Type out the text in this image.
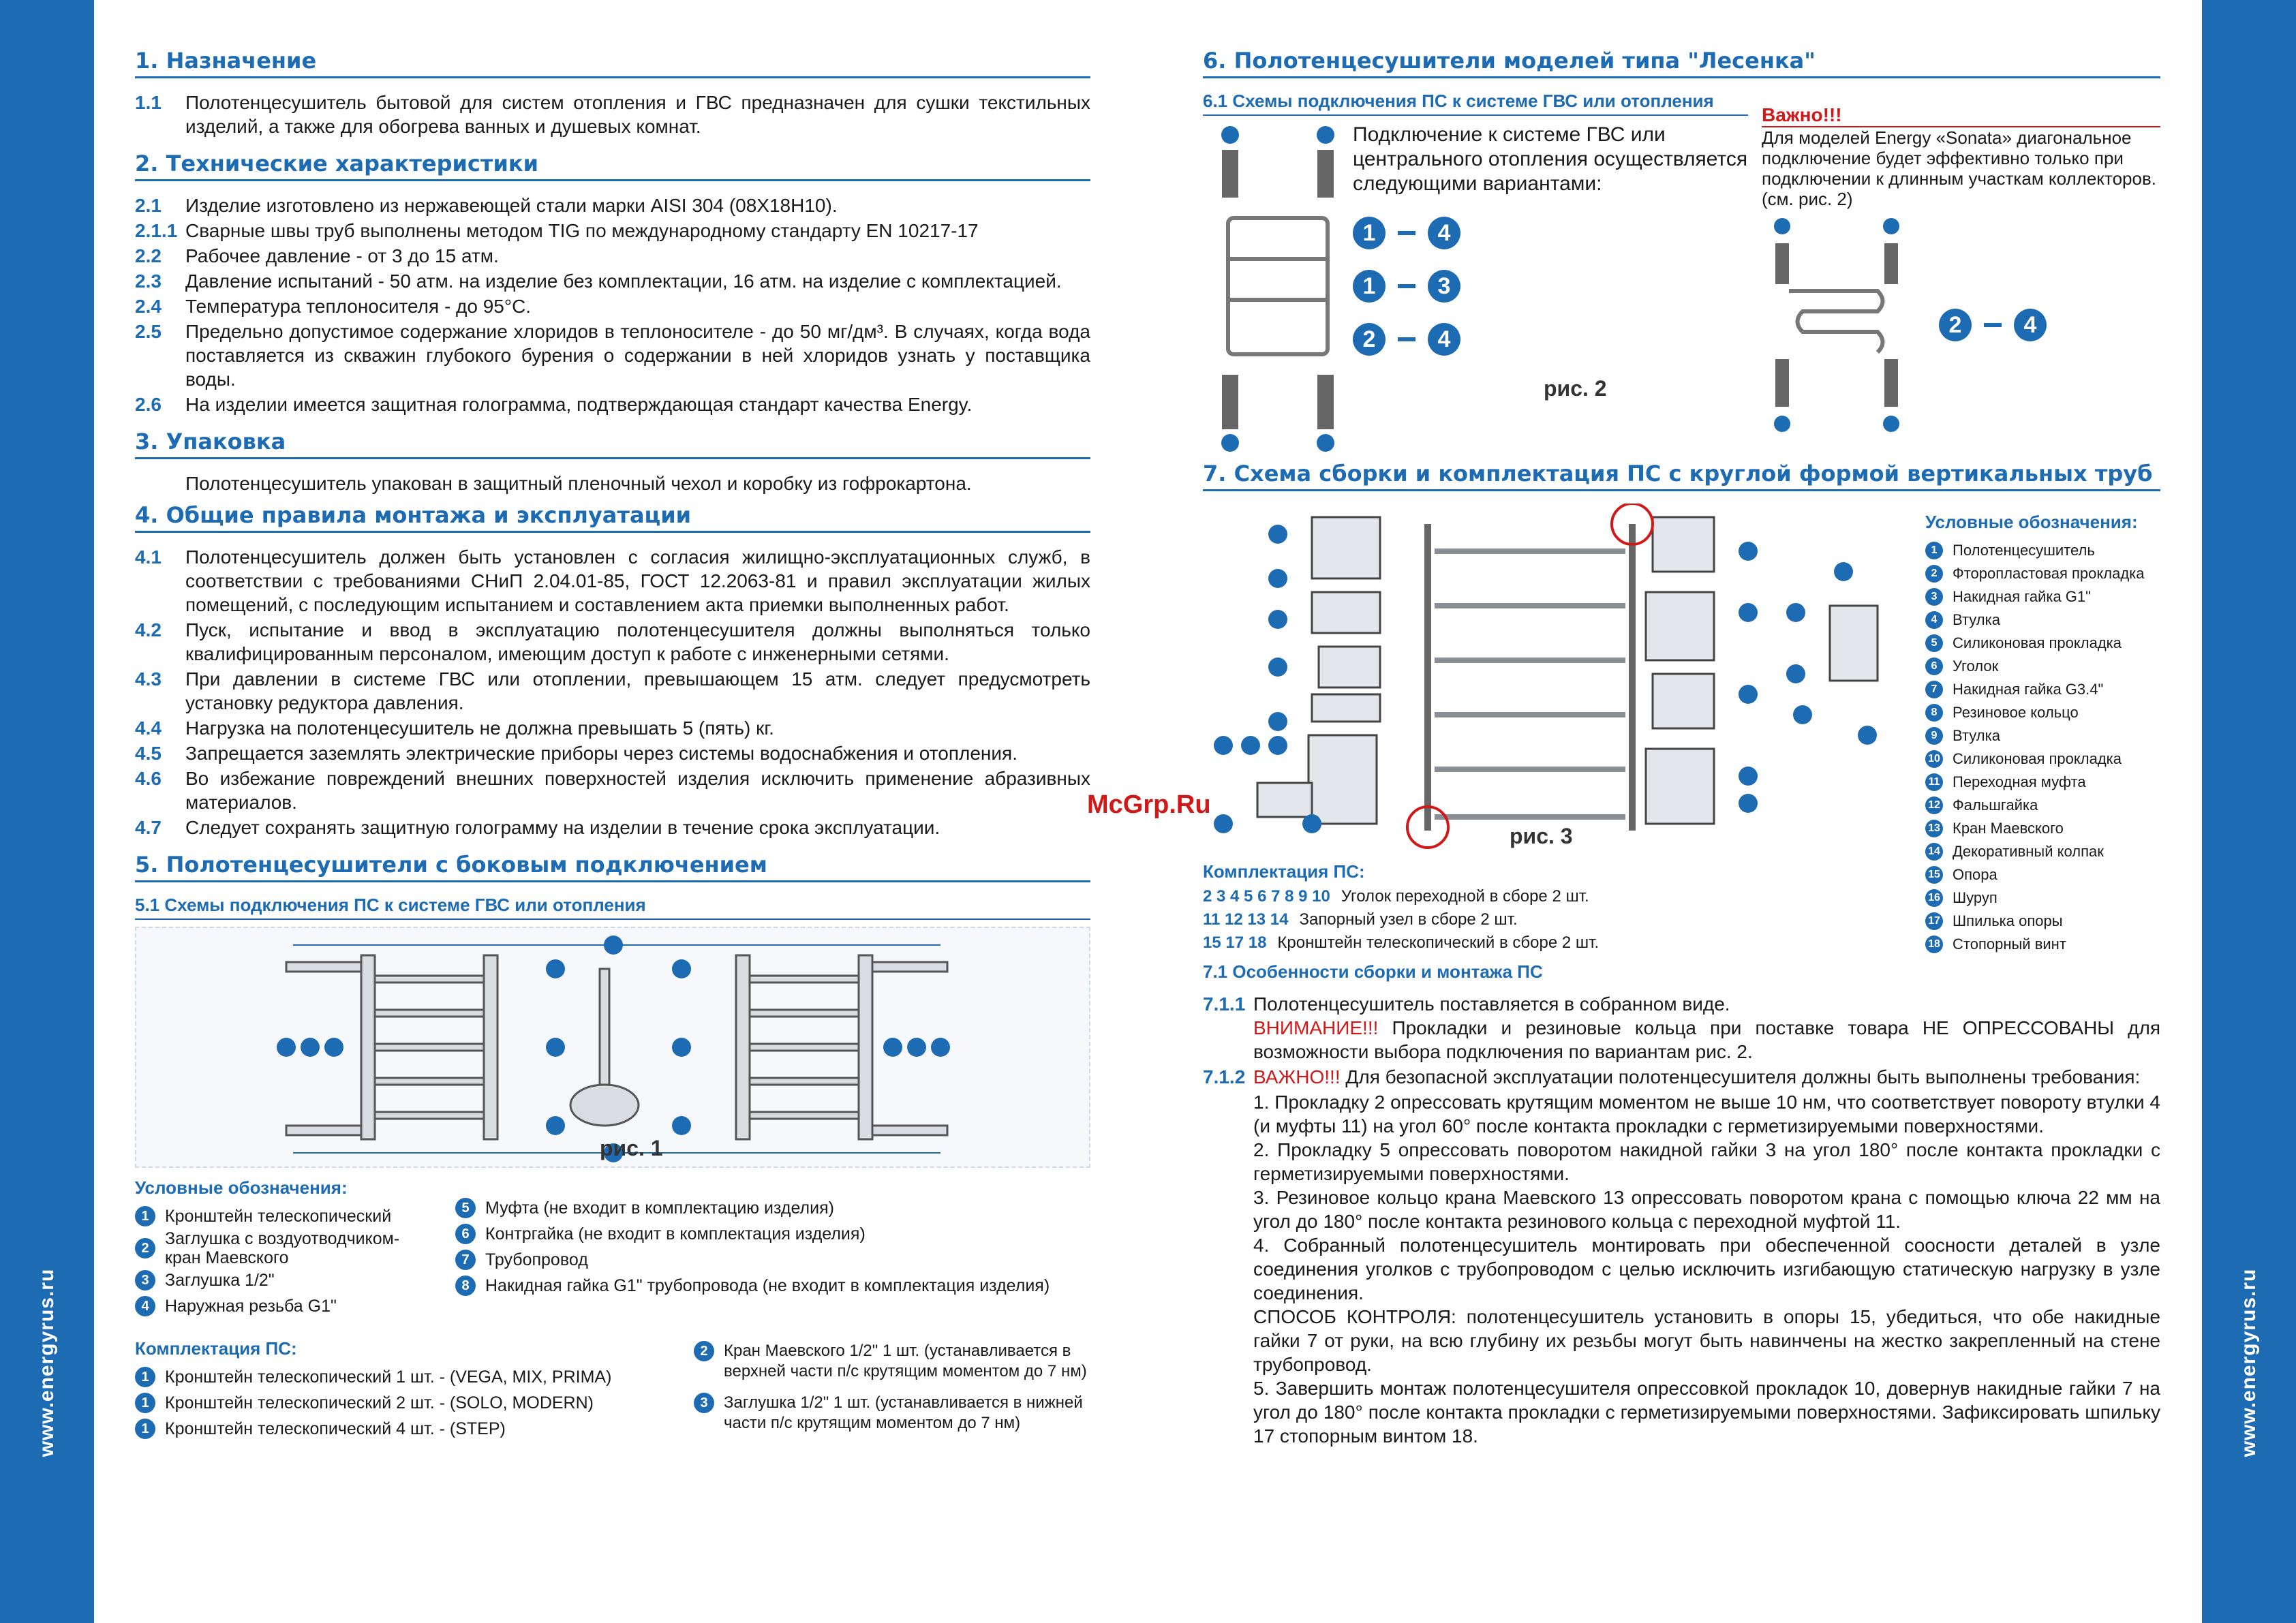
www.energyrus.ru	www.energyrus.ru
McGrp.Ru
1. Назначение
1.1	Полотенцесушитель бытовой для систем отопления и ГВС предназначен для сушки текстильных изделий, а также для обогрева ванных и душевых комнат.
2. Технические характеристики
2.1	Изделие изготовлено из нержавеющей стали марки AISI 304 (08Х18Н10).
2.1.1 Сварные швы труб выполнены методом TIG по международному стандарту EN 10217-17
2.2	Рабочее давление - от 3 до 15 атм.
2.3	Давление испытаний - 50 атм. на изделие без комплектации, 16 атм. на изделие с комплектацией.
2.4	Температура теплоносителя - до 95°С.
2.5	Предельно допустимое содержание хлоридов в теплоносителе - до 50 мг/дм³. В случаях, когда вода поставляется из скважин глубокого бурения о содержании в ней хлоридов узнать у поставщика воды.
2.6	На изделии имеется защитная голограмма, подтверждающая стандарт качества Energy.
3. Упаковка
Полотенцесушитель упакован в защитный пленочный чехол и коробку из гофрокартона.
4. Общие правила монтажа и эксплуатации
4.1	Полотенцесушитель должен быть установлен с согласия жилищно-эксплуатационных служб, в соответствии с требованиями СНиП 2.04.01-85, ГОСТ 12.2063-81 и правил эксплуатации жилых помещений, с последующим испытанием и составлением акта приемки выполненных работ.
4.2	Пуск, испытание и ввод в эксплуатацию полотенцесушителя должны выполняться только квалифицированным персоналом, имеющим доступ к работе с инженерными сетями.
4.3	При давлении в системе ГВС или отоплении, превышающем 15 атм. следует предусмотреть установку редуктора давления.
4.4	Нагрузка на полотенцесушитель не должна превышать 5 (пять) кг.
4.5	Запрещается заземлять электрические приборы через системы водоснабжения и отопления.
4.6	Во избежание повреждений внешних поверхностей изделия исключить применение абразивных материалов.
4.7	Следует сохранять защитную голограмму на изделии в течение срока эксплуатации.
5. Полотенцесушители с боковым подключением
5.1 Схемы подключения ПС к системе ГВС или отопления
рис. 1
Условные обозначения:
1 Кронштейн телескопический
2 Заглушка с воздуотводчиком-кран Маевского
3 Заглушка 1/2"
4 Наружная резьба G1"
5 Муфта (не входит в комплектацию изделия)
6 Контргайка (не входит в комплектация изделия)
7 Трубопровод
8 Накидная гайка G1" трубопровода (не входит в комплектация изделия)
Комплектация ПС:
1 Кронштейн телескопический 1 шт. - (VEGA, MIX, PRIMA)
1 Кронштейн телескопический 2 шт. - (SOLO, MODERN)
1 Кронштейн телескопический 4 шт. - (STEP)
2 Кран Маевского 1/2" 1 шт. (устанавливается в верхней части п/с крутящим моментом до 7 нм)
3 Заглушка 1/2" 1 шт. (устанавливается в нижней части п/с крутящим моментом до 7 нм)
6. Полотенцесушители моделей типа "Лесенка"
6.1 Схемы подключения ПС к системе ГВС или отопления
Подключение к системе ГВС или центрального отопления осуществляется следующими вариантами:
1	4
1	3
2	4
рис. 2
Важно!!!
Для моделей Energy «Sonata» диагональное подключение будет эффективно только при подключении к длинным участкам коллекторов. (см. рис. 2)
2	4
7. Схема сборки и комплектация ПС с круглой формой вертикальных труб
рис. 3
Комплектация ПС:
2 3 4 5 6 7 8 9 10 Уголок переходной в сборе 2 шт.
11 12 13 14 Запорный узел в сборе 2 шт.
15 17 18 Кронштейн телескопический в сборе 2 шт.
Условные обозначения:
1	Полотенцесушитель
2	Фторопластовая прокладка
3	Накидная гайка G1"
4	Втулка
5	Силиконовая прокладка
6	Уголок
7	Накидная гайка G3.4"
8	Резиновое кольцо
9	Втулка
10 Силиконовая прокладка
11 Переходная муфта
12 Фальшгайка
13 Кран Маевского
14 Декоративный колпак
15 Опора
16 Шуруп
17 Шпилька опоры
18 Стопорный винт
7.1 Особенности сборки и монтажа ПС
7.1.1 Полотенцесушитель поставляется в собранном виде.
ВНИМАНИЕ!!! Прокладки и резиновые кольца при поставке товара НЕ ОПРЕССОВАНЫ для возможности выбора подключения по вариантам рис. 2.
7.1.2 ВАЖНО!!! Для безопасной эксплуатации полотенцесушителя должны быть выполнены требования:
1. Прокладку 2 опрессовать крутящим моментом не выше 10 нм, что соответствует повороту втулки 4 (и муфты 11) на угол 60° после контакта прокладки с герметизируемыми поверхностями.
2. Прокладку 5 опрессовать поворотом накидной гайки 3 на угол 180° после контакта прокладки с герметизируемыми поверхностями.
3. Резиновое кольцо крана Маевского 13 опрессовать поворотом крана с помощью ключа 22 мм на угол до 180° после контакта резинового кольца с переходной муфтой 11.
4. Собранный полотенцесушитель монтировать при обеспеченной соосности деталей в узле соединения уголков с трубопроводом с целью исключить изгибающую статическую нагрузку в узле соединения.
СПОСОБ КОНТРОЛЯ: полотенцесушитель установить в опоры 15, убедиться, что обе накидные гайки 7 от руки, на всю глубину их резьбы могут быть навинчены на жестко закрепленный на стене трубопровод.
5. Завершить монтаж полотенцесушителя опрессовкой прокладок 10, довернув накидные гайки 7 на угол до 180° после контакта прокладки с герметизируемыми поверхностями. Зафиксировать шпильку 17 стопорным винтом 18.
